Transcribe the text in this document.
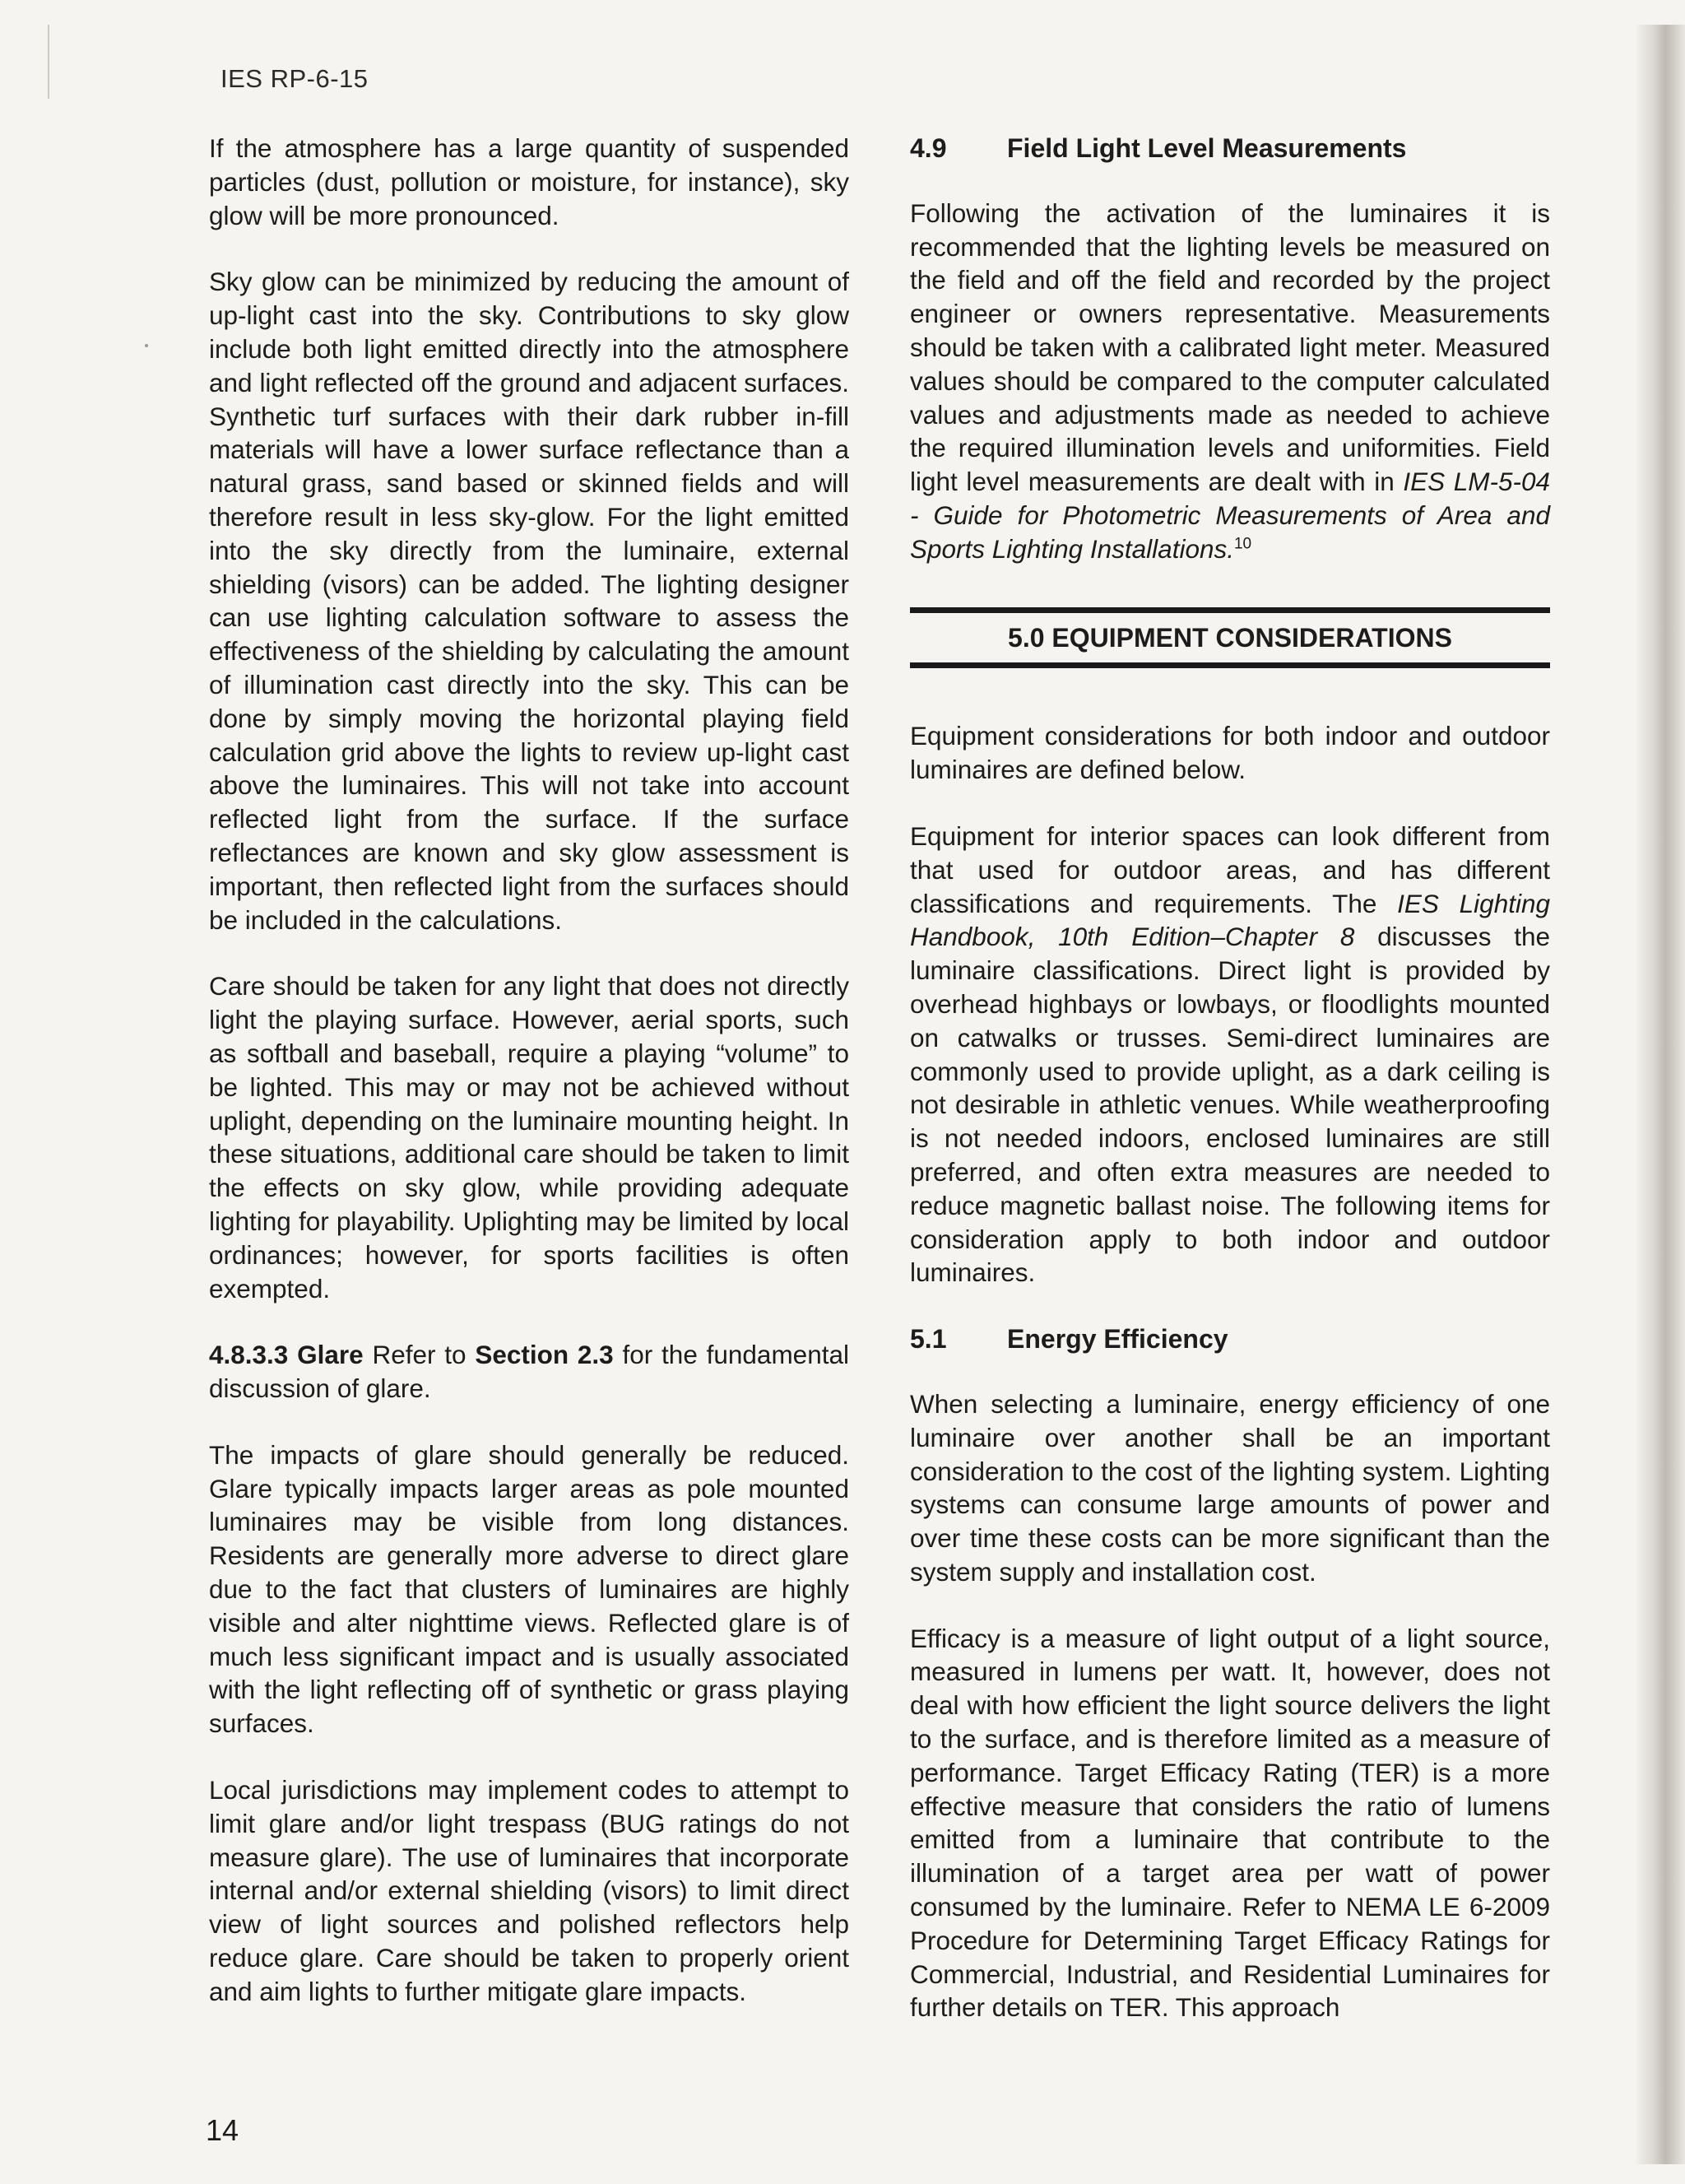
IES RP-6-15

If the atmosphere has a large quantity of suspended particles (dust, pollution or moisture, for instance), sky glow will be more pronounced.

Sky glow can be minimized by reducing the amount of up-light cast into the sky. Contributions to sky glow include both light emitted directly into the atmosphere and light reflected off the ground and adjacent surfaces. Synthetic turf surfaces with their dark rubber in-fill materials will have a lower surface reflectance than a natural grass, sand based or skinned fields and will therefore result in less sky-glow. For the light emitted into the sky directly from the luminaire, external shielding (visors) can be added. The lighting designer can use lighting calculation software to assess the effectiveness of the shielding by calculating the amount of illumination cast directly into the sky. This can be done by simply moving the horizontal playing field calculation grid above the lights to review up-light cast above the luminaires. This will not take into account reflected light from the surface. If the surface reflectances are known and sky glow assessment is important, then reflected light from the surfaces should be included in the calculations.

Care should be taken for any light that does not directly light the playing surface. However, aerial sports, such as softball and baseball, require a playing “volume” to be lighted. This may or may not be achieved without uplight, depending on the luminaire mounting height. In these situations, additional care should be taken to limit the effects on sky glow, while providing adequate lighting for playability. Uplighting may be limited by local ordinances; however, for sports facilities is often exempted.

4.8.3.3 Glare Refer to Section 2.3 for the fundamental discussion of glare.

The impacts of glare should generally be reduced. Glare typically impacts larger areas as pole mounted luminaires may be visible from long distances. Residents are generally more adverse to direct glare due to the fact that clusters of luminaires are highly visible and alter nighttime views. Reflected glare is of much less significant impact and is usually associated with the light reflecting off of synthetic or grass playing surfaces.

Local jurisdictions may implement codes to attempt to limit glare and/or light trespass (BUG ratings do not measure glare). The use of luminaires that incorporate internal and/or external shielding (visors) to limit direct view of light sources and polished reflectors help reduce glare. Care should be taken to properly orient and aim lights to further mitigate glare impacts.

4.9 Field Light Level Measurements

Following the activation of the luminaires it is recommended that the lighting levels be measured on the field and off the field and recorded by the project engineer or owners representative. Measurements should be taken with a calibrated light meter. Measured values should be compared to the computer calculated values and adjustments made as needed to achieve the required illumination levels and uniformities. Field light level measurements are dealt with in IES LM-5-04 - Guide for Photometric Measurements of Area and Sports Lighting Installations.$^{10}$

5.0 EQUIPMENT CONSIDERATIONS

Equipment considerations for both indoor and outdoor luminaires are defined below.

Equipment for interior spaces can look different from that used for outdoor areas, and has different classifications and requirements. The IES Lighting Handbook, 10th Edition–Chapter 8 discusses the luminaire classifications. Direct light is provided by overhead highbays or lowbays, or floodlights mounted on catwalks or trusses. Semi-direct luminaires are commonly used to provide uplight, as a dark ceiling is not desirable in athletic venues. While weatherproofing is not needed indoors, enclosed luminaires are still preferred, and often extra measures are needed to reduce magnetic ballast noise. The following items for consideration apply to both indoor and outdoor luminaires.

5.1 Energy Efficiency

When selecting a luminaire, energy efficiency of one luminaire over another shall be an important consideration to the cost of the lighting system. Lighting systems can consume large amounts of power and over time these costs can be more significant than the system supply and installation cost.

Efficacy is a measure of light output of a light source, measured in lumens per watt. It, however, does not deal with how efficient the light source delivers the light to the surface, and is therefore limited as a measure of performance. Target Efficacy Rating (TER) is a more effective measure that considers the ratio of lumens emitted from a luminaire that contribute to the illumination of a target area per watt of power consumed by the luminaire. Refer to NEMA LE 6-2009 Procedure for Determining Target Efficacy Ratings for Commercial, Industrial, and Residential Luminaires for further details on TER. This approach

14
